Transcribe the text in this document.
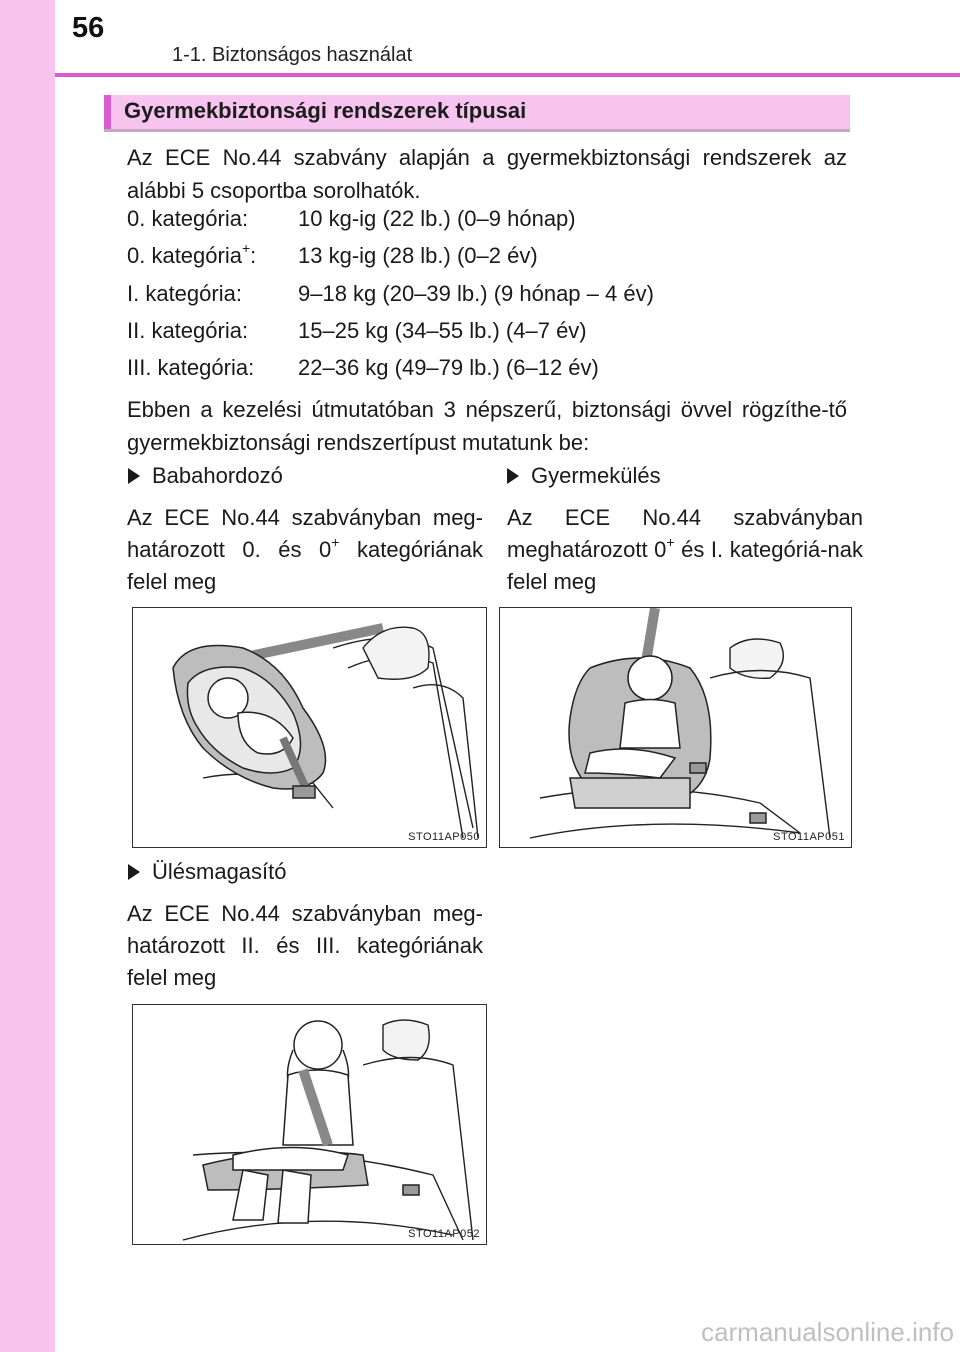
56
1-1. Biztonságos használat
Gyermekbiztonsági rendszerek típusai
Az ECE No.44 szabvány alapján a gyermekbiztonsági rendszerek az alábbi 5 csoportba sorolhatók.
0. kategória: 10 kg-ig (22 lb.) (0–9 hónap)
0. kategória+: 13 kg-ig (28 lb.) (0–2 év)
I. kategória:	9–18 kg (20–39 lb.) (9 hónap – 4 év)
II. kategória: 15–25 kg (34–55 lb.) (4–7 év)
III. kategória: 22–36 kg (49–79 lb.) (6–12 év)
Ebben a kezelési útmutatóban 3 népszerű, biztonsági övvel rögzíthe-tő gyermekbiztonsági rendszertípust mutatunk be:
Babahordozó
Az ECE No.44 szabványban meg-határozott 0. és 0+ kategóriának felel meg
STO11AP050
Gyermekülés
Az ECE No.44 szabványban meghatározott 0+ és I. kategóriá-nak felel meg
STO11AP051
Ülésmagasító
Az ECE No.44 szabványban meg-határozott II. és III. kategóriának felel meg
STO11AP052
carmanualsonline.info
